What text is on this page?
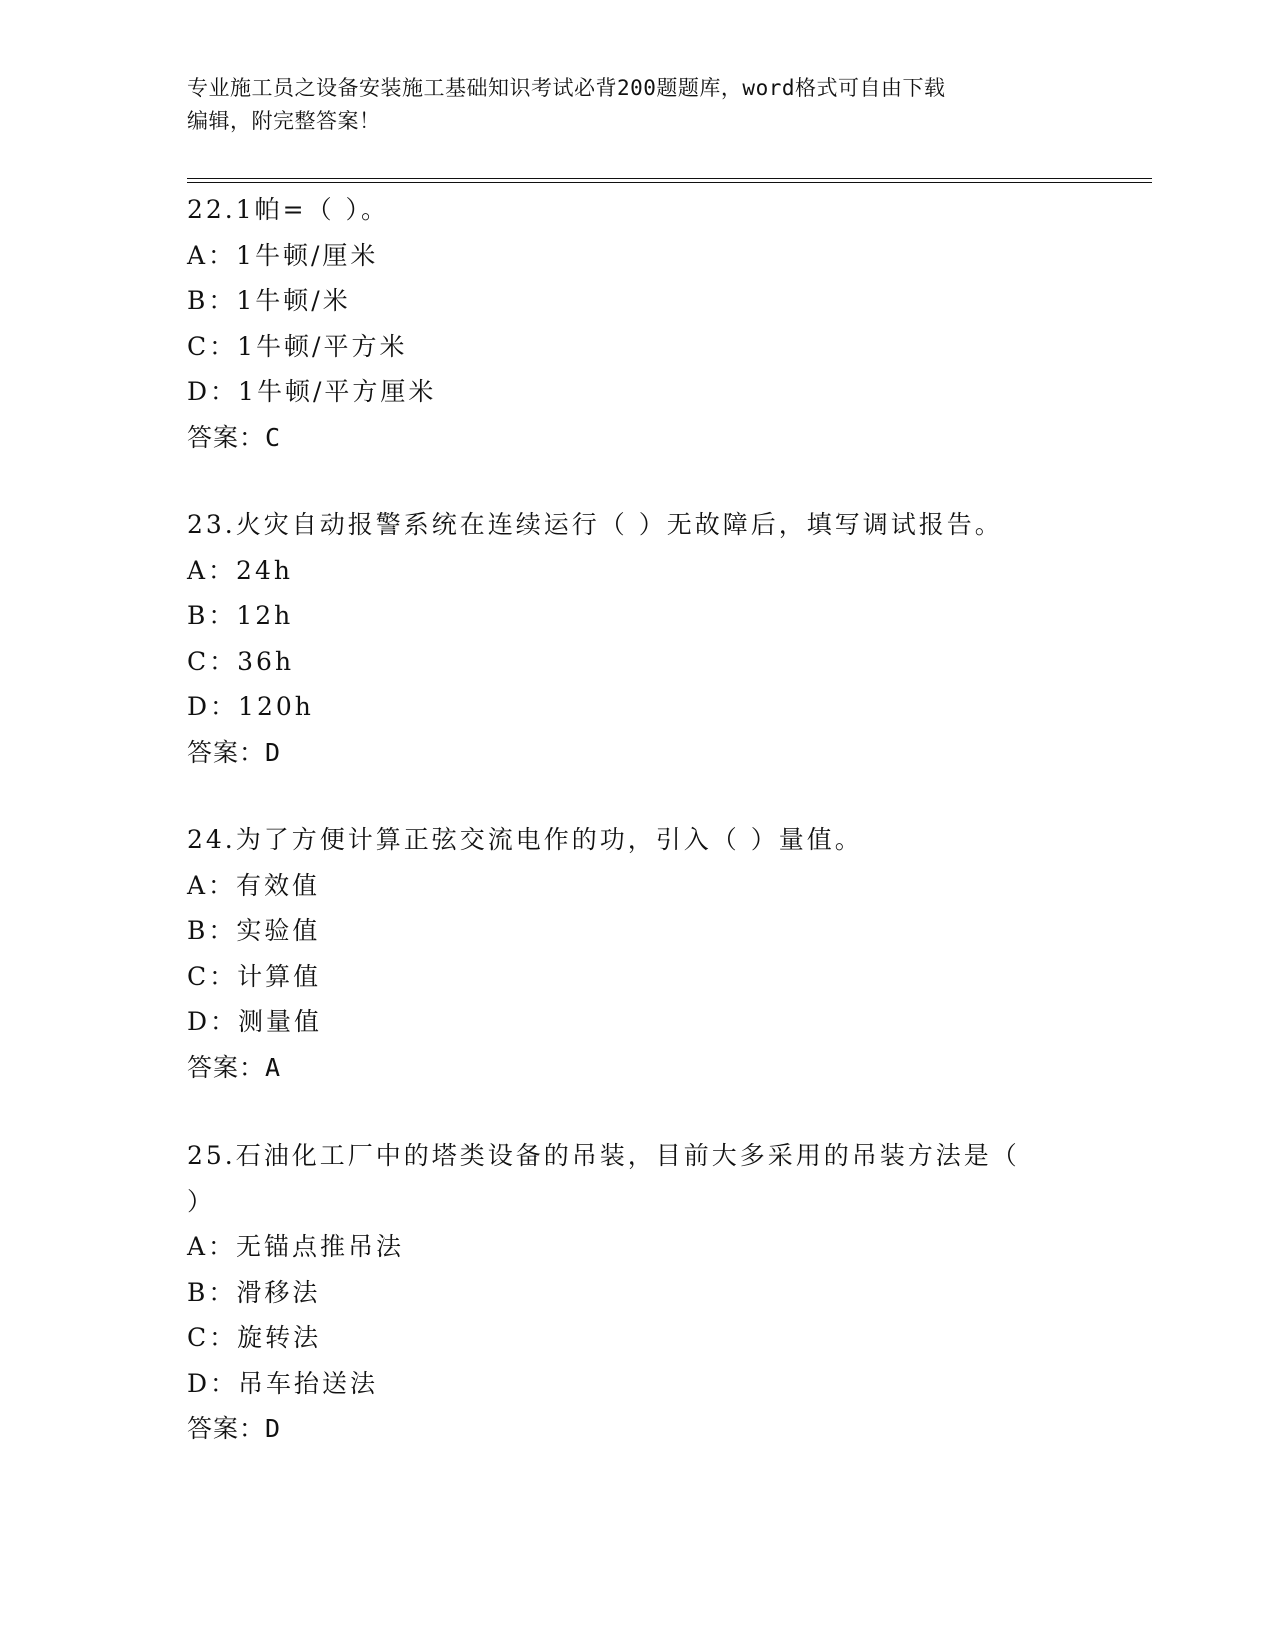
专业施工员之设备安装施工基础知识考试必背200题题库，word格式可自由下载
编辑，附完整答案！
22.1帕=（ ）。
A：1牛顿/厘米
B：1牛顿/米
C：1牛顿/平方米
D：1牛顿/平方厘米
答案：C
23.火灾自动报警系统在连续运行（ ）无故障后，填写调试报告。
A：24h
B：12h
C：36h
D：120h
答案：D
24.为了方便计算正弦交流电作的功，引入（ ）量值。
A：有效值
B：实验值
C：计算值
D：测量值
答案：A
25.石油化工厂中的塔类设备的吊装，目前大多采用的吊装方法是（
）
A：无锚点推吊法
B：滑移法
C：旋转法
D：吊车抬送法
答案：D
